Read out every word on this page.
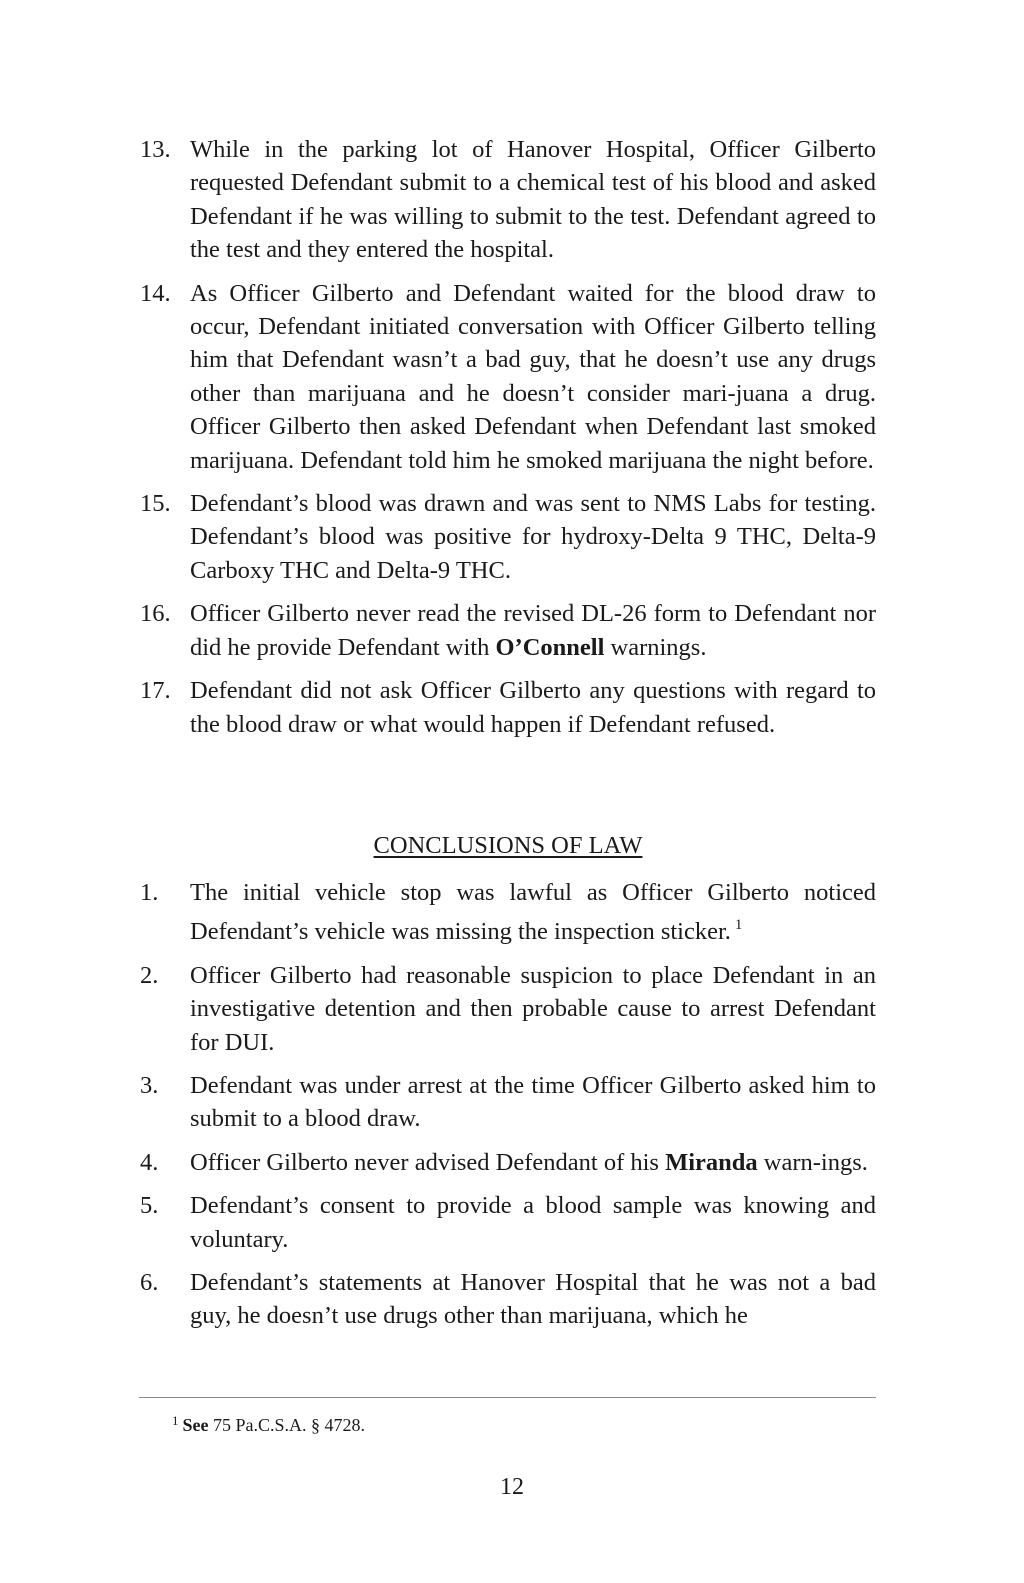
13. While in the parking lot of Hanover Hospital, Officer Gilberto requested Defendant submit to a chemical test of his blood and asked Defendant if he was willing to submit to the test. Defendant agreed to the test and they entered the hospital.
14. As Officer Gilberto and Defendant waited for the blood draw to occur, Defendant initiated conversation with Officer Gilberto telling him that Defendant wasn’t a bad guy, that he doesn’t use any drugs other than marijuana and he doesn’t consider mari-juana a drug. Officer Gilberto then asked Defendant when Defendant last smoked marijuana. Defendant told him he smoked marijuana the night before.
15. Defendant’s blood was drawn and was sent to NMS Labs for testing. Defendant’s blood was positive for hydroxy-Delta 9 THC, Delta-9 Carboxy THC and Delta-9 THC.
16. Officer Gilberto never read the revised DL-26 form to Defendant nor did he provide Defendant with O’Connell warnings.
17. Defendant did not ask Officer Gilberto any questions with regard to the blood draw or what would happen if Defendant refused.
CONCLUSIONS OF LAW
1. The initial vehicle stop was lawful as Officer Gilberto noticed Defendant’s vehicle was missing the inspection sticker. $^1$
2. Officer Gilberto had reasonable suspicion to place Defendant in an investigative detention and then probable cause to arrest Defendant for DUI.
3. Defendant was under arrest at the time Officer Gilberto asked him to submit to a blood draw.
4. Officer Gilberto never advised Defendant of his Miranda warn-ings.
5. Defendant’s consent to provide a blood sample was knowing and voluntary.
6. Defendant’s statements at Hanover Hospital that he was not a bad guy, he doesn’t use drugs other than marijuana, which he
$^1$ See 75 Pa.C.S.A. § 4728.
12
